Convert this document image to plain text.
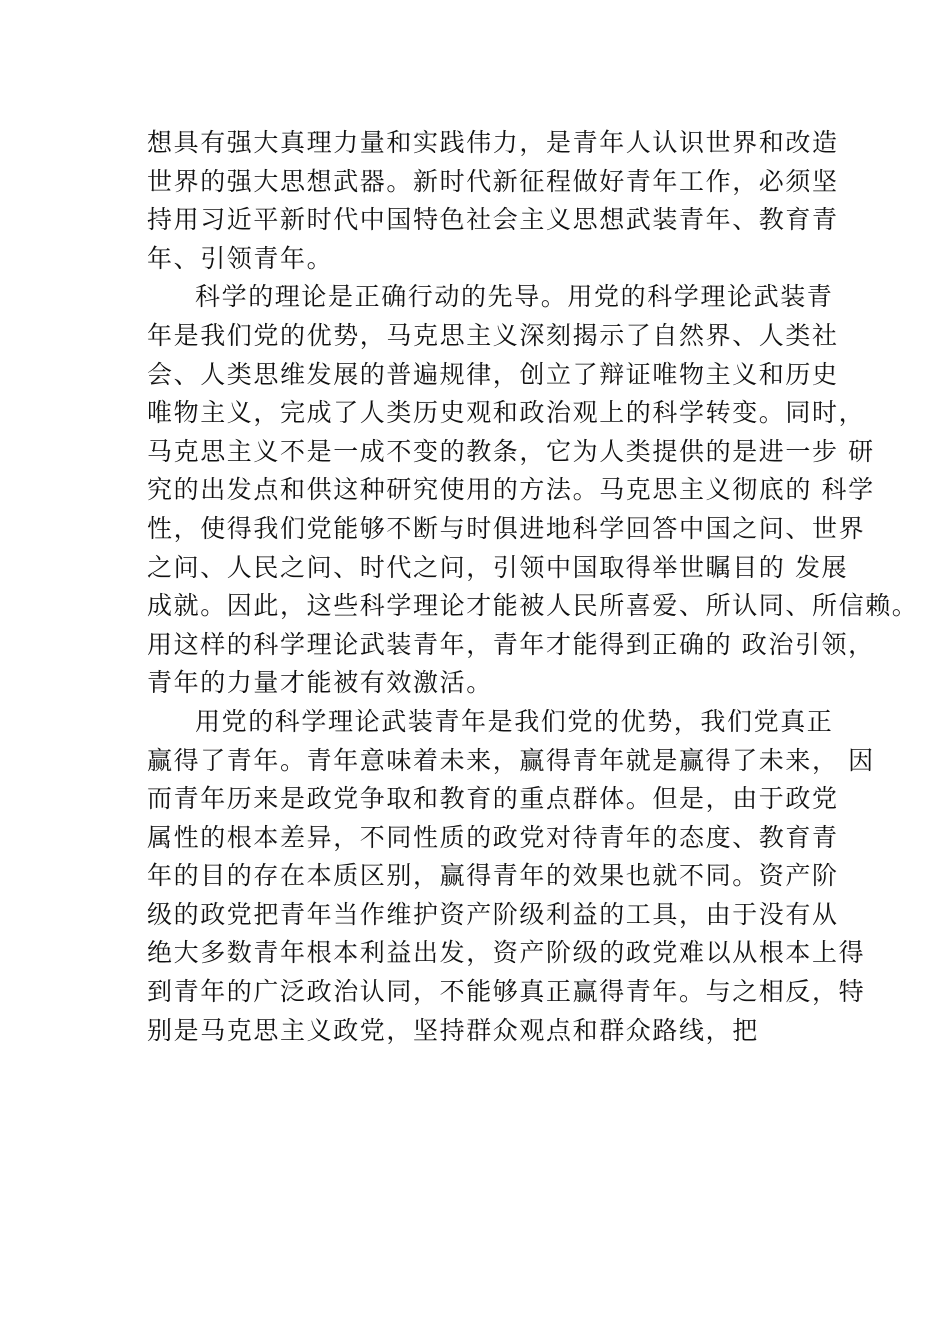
想具有强大真理力量和实践伟力，是青年人认识世界和改造
世界的强大思想武器。新时代新征程做好青年工作，必须坚
持用习近平新时代中国特色社会主义思想武装青年、教育青
年、引领青年。
科学的理论是正确行动的先导。用党的科学理论武装青
年是我们党的优势，马克思主义深刻揭示了自然界、人类社
会、人类思维发展的普遍规律，创立了辩证唯物主义和历史
唯物主义，完成了人类历史观和政治观上的科学转变。同时，
马克思主义不是一成不变的教条，它为人类提供的是进一步 研
究的出发点和供这种研究使用的方法。马克思主义彻底的 科学
性，使得我们党能够不断与时俱进地科学回答中国之问、世界
之问、人民之问、时代之问，引领中国取得举世瞩目的 发展
成就。因此，这些科学理论才能被人民所喜爱、所认同、所信赖。
用这样的科学理论武装青年，青年才能得到正确的 政治引领，
青年的力量才能被有效激活。
用党的科学理论武装青年是我们党的优势，我们党真正
赢得了青年。青年意味着未来，赢得青年就是赢得了未来， 因
而青年历来是政党争取和教育的重点群体。但是，由于政党
属性的根本差异，不同性质的政党对待青年的态度、教育青
年的目的存在本质区别，赢得青年的效果也就不同。资产阶
级的政党把青年当作维护资产阶级利益的工具，由于没有从
绝大多数青年根本利益出发，资产阶级的政党难以从根本上得
到青年的广泛政治认同，不能够真正赢得青年。与之相反，特
别是马克思主义政党，坚持群众观点和群众路线，把
